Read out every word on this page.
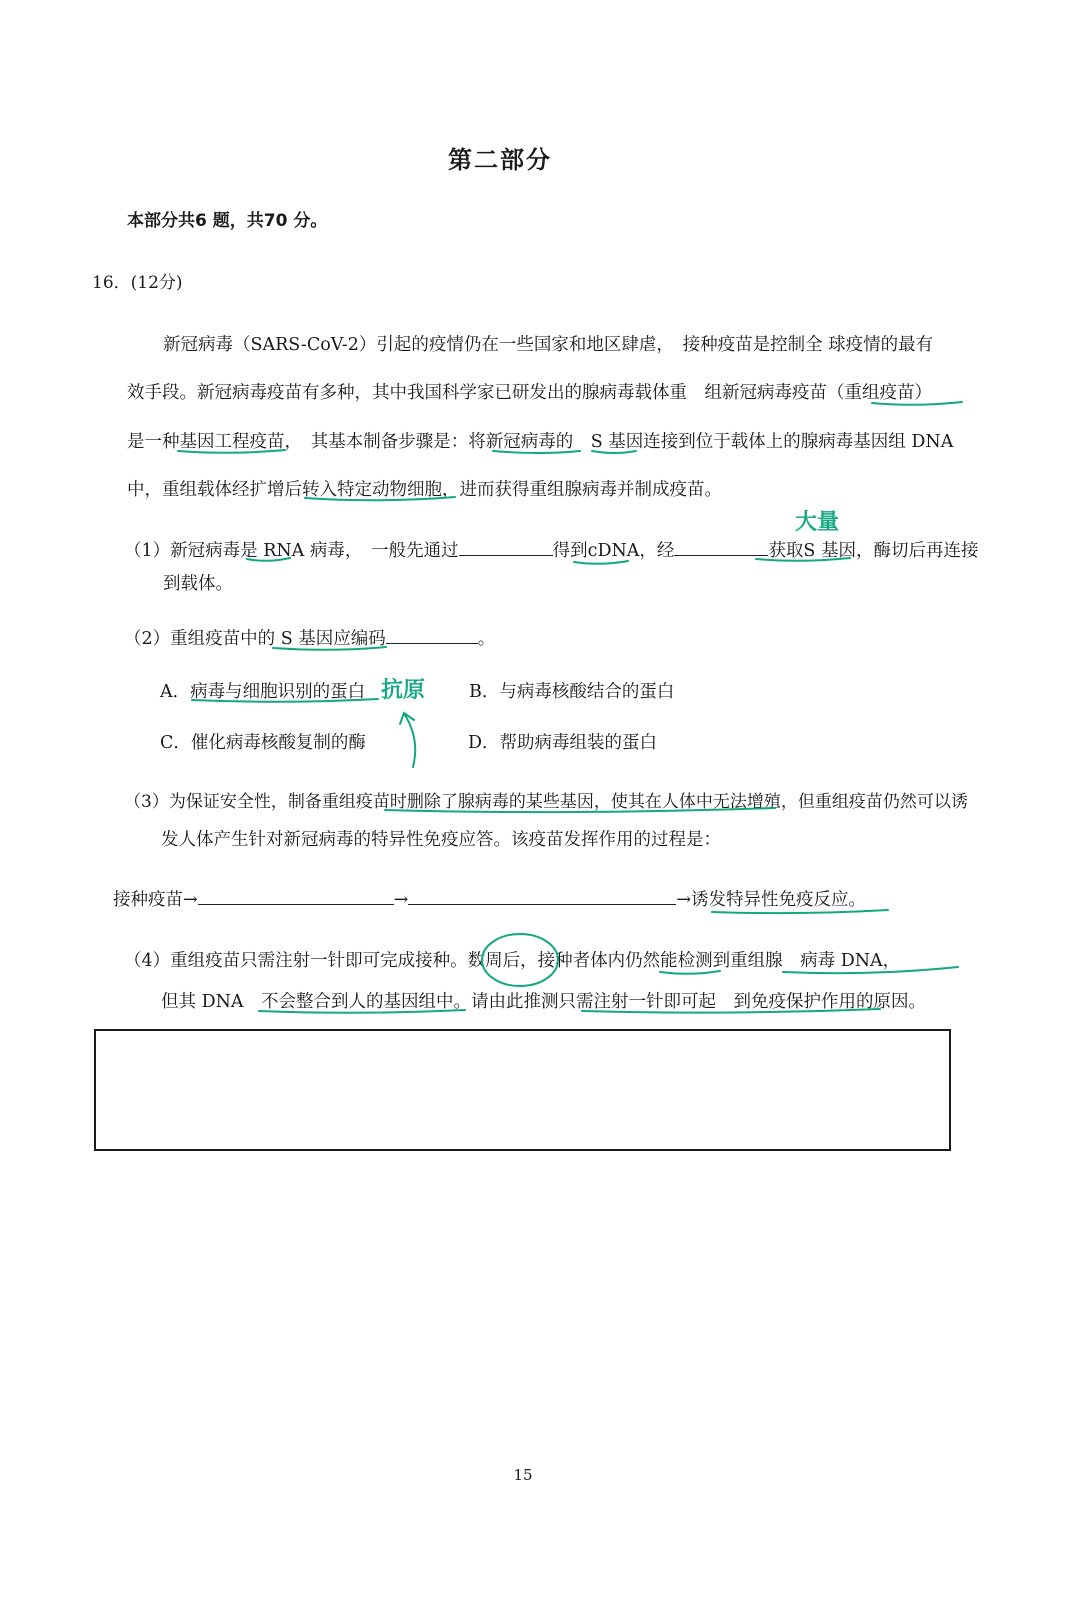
第二部分
本部分共6 题，共70 分。
16．(12分)
新冠病毒（SARS-CoV-2）引起的疫情仍在一些国家和地区肆虐，　接种疫苗是控制全 球疫情的最有
效手段。新冠病毒疫苗有多种，其中我国科学家已研发出的腺病毒载体重　组新冠病毒疫苗（重组疫苗）
是一种基因工程疫苗，　其基本制备步骤是：将新冠病毒的　S 基因连接到位于载体上的腺病毒基因组 DNA
中，重组载体经扩增后转入特定动物细胞，进而获得重组腺病毒并制成疫苗。
（1）新冠病毒是 RNA 病毒，　一般先通过	得到cDNA，经	获取S 基因，酶切后再连接
到载体。
（2）重组疫苗中的 S 基因应编码	。
A．病毒与细胞识别的蛋白	B．与病毒核酸结合的蛋白
C．催化病毒核酸复制的酶	D．帮助病毒组装的蛋白
（3）为保证安全性，制备重组疫苗时删除了腺病毒的某些基因，使其在人体中无法增殖，但重组疫苗仍然可以诱
发人体产生针对新冠病毒的特异性免疫应答。该疫苗发挥作用的过程是：
接种疫苗→	→	→诱发特异性免疫反应。
（4）重组疫苗只需注射一针即可完成接种。数周后，接种者体内仍然能检测到重组腺　病毒 DNA，
但其 DNA　不会整合到人的基因组中。请由此推测只需注射一针即可起　到免疫保护作用的原因。
大量
抗原
15
